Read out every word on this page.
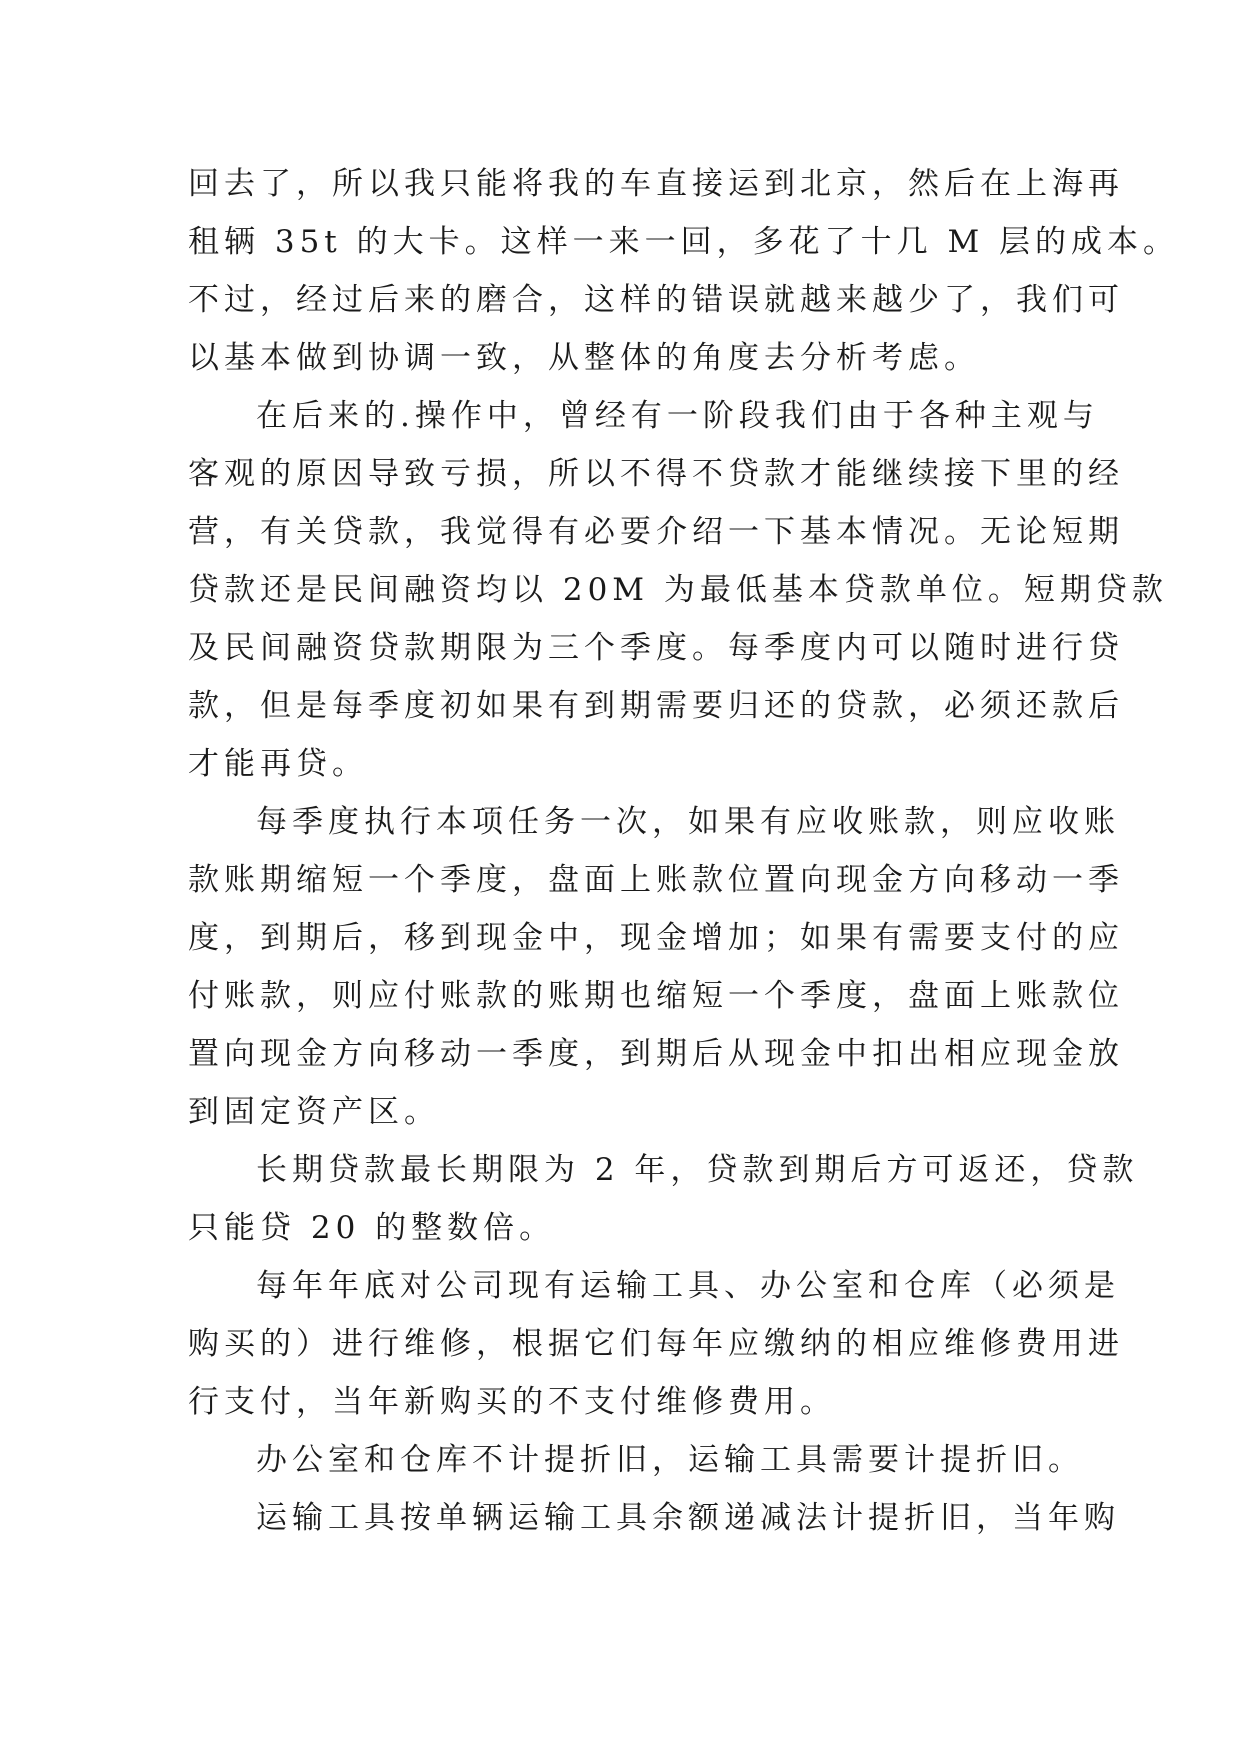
回去了，所以我只能将我的车直接运到北京，然后在上海再
租辆 35t 的大卡。这样一来一回，多花了十几 M 层的成本。
不过，经过后来的磨合，这样的错误就越来越少了，我们可
以基本做到协调一致，从整体的角度去分析考虑。
在后来的.操作中，曾经有一阶段我们由于各种主观与
客观的原因导致亏损，所以不得不贷款才能继续接下里的经
营，有关贷款，我觉得有必要介绍一下基本情况。无论短期
贷款还是民间融资均以 20M 为最低基本贷款单位。短期贷款
及民间融资贷款期限为三个季度。每季度内可以随时进行贷
款，但是每季度初如果有到期需要归还的贷款，必须还款后
才能再贷。
每季度执行本项任务一次，如果有应收账款，则应收账
款账期缩短一个季度，盘面上账款位置向现金方向移动一季
度，到期后，移到现金中，现金增加；如果有需要支付的应
付账款，则应付账款的账期也缩短一个季度，盘面上账款位
置向现金方向移动一季度，到期后从现金中扣出相应现金放
到固定资产区。
长期贷款最长期限为 2 年，贷款到期后方可返还，贷款
只能贷 20 的整数倍。
每年年底对公司现有运输工具、办公室和仓库（必须是
购买的）进行维修，根据它们每年应缴纳的相应维修费用进
行支付，当年新购买的不支付维修费用。
办公室和仓库不计提折旧，运输工具需要计提折旧。
运输工具按单辆运输工具余额递减法计提折旧，当年购
